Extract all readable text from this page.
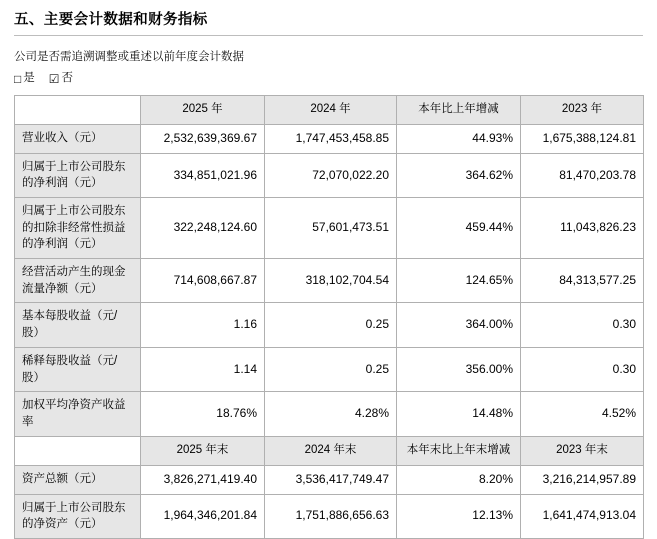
五、主要会计数据和财务指标
公司是否需追溯调整或重述以前年度会计数据
□ 是 ☑ 否
	2025 年	2024 年	本年比上年增减	2023 年
营业收入（元）	2,532,639,369.67	1,747,453,458.85	44.93%	1,675,388,124.81
归属于上市公司股东的净利润（元）	334,851,021.96	72,070,022.20	364.62%	81,470,203.78
归属于上市公司股东的扣除非经常性损益的净利润（元）	322,248,124.60	57,601,473.51	459.44%	11,043,826.23
经营活动产生的现金流量净额（元）	714,608,667.87	318,102,704.54	124.65%	84,313,577.25
基本每股收益（元/股）	1.16	0.25	364.00%	0.30
稀释每股收益（元/股）	1.14	0.25	356.00%	0.30
加权平均净资产收益率	18.76%	4.28%	14.48%	4.52%
	2025 年末	2024 年末	本年末比上年末增减	2023 年末
资产总额（元）	3,826,271,419.40	3,536,417,749.47	8.20%	3,216,214,957.89
归属于上市公司股东的净资产（元）	1,964,346,201.84	1,751,886,656.63	12.13%	1,641,474,913.04
